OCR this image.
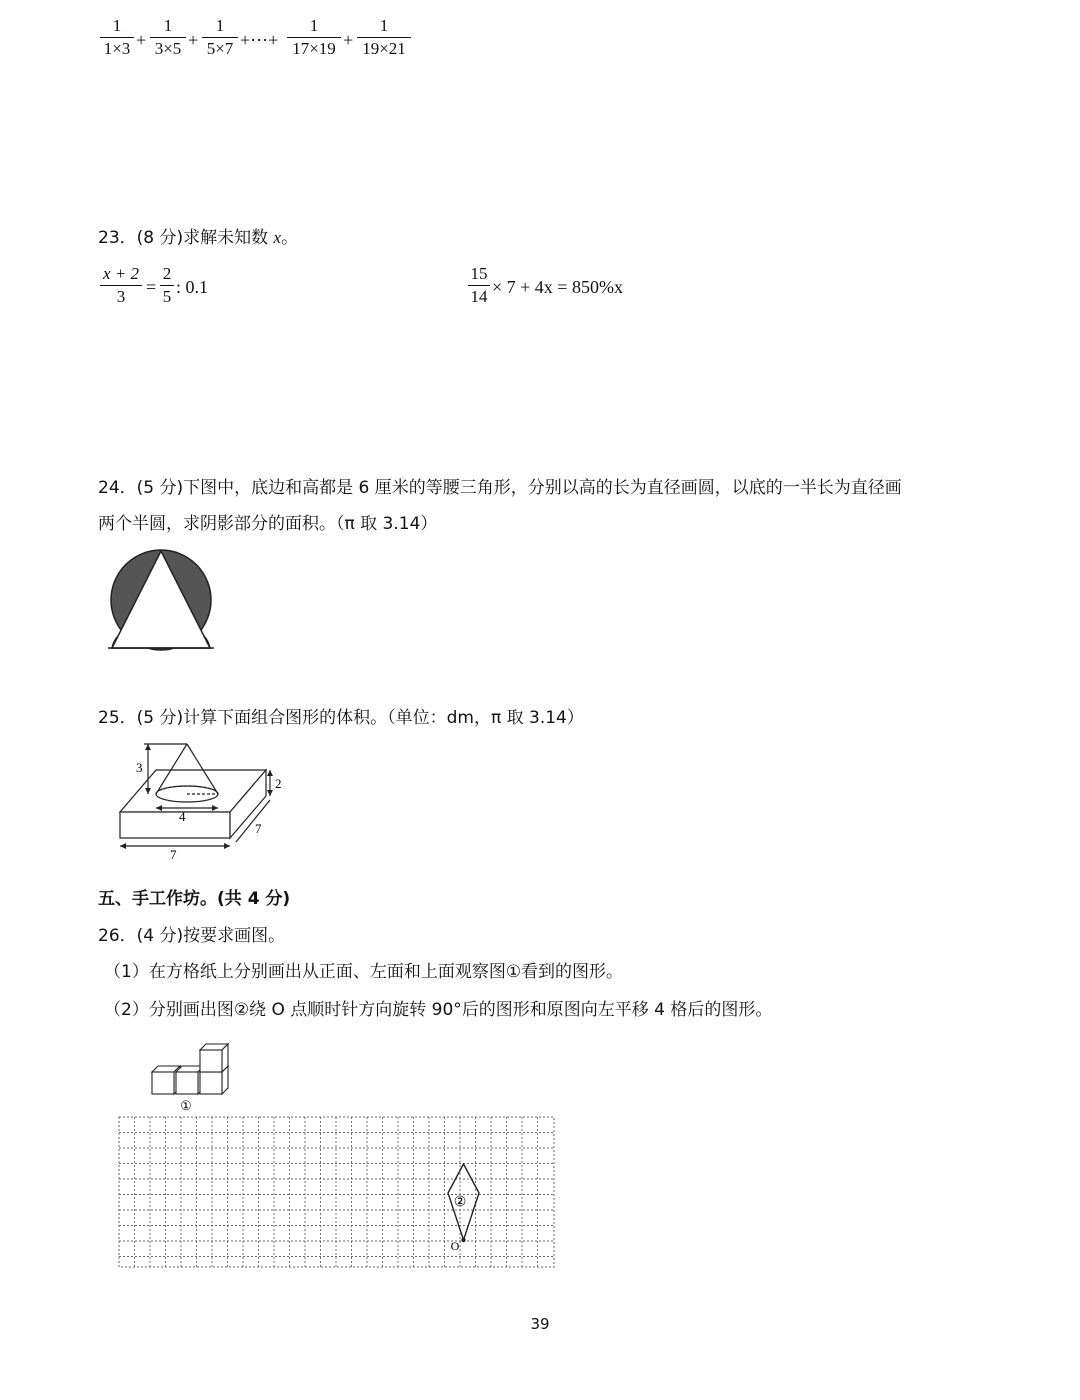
1
1×3 +
1
3×5 +
1
5×7 +⋯+
1
17×19 +
1
19×21
23．(8 分)求解未知数 x。
x + 2
3	=
2
5 : 0.1
15
14 × 7 + 4x = 850%x
24．(5 分)下图中，底边和高都是 6 厘米的等腰三角形，分别以高的长为直径画圆，以底的一半长为直径画
两个半圆，求阴影部分的面积。（π 取 3.14）
25．(5 分)计算下面组合图形的体积。（单位：dm，π 取 3.14）
3
2
4
7
7
五、手工作坊。(共 4 分)
26．(4 分)按要求画图。
（1）在方格纸上分别画出从正面、左面和上面观察图①看到的图形。
（2）分别画出图②绕 O 点顺时针方向旋转 90°后的图形和原图向左平移 4 格后的图形。
①
②
O
39
